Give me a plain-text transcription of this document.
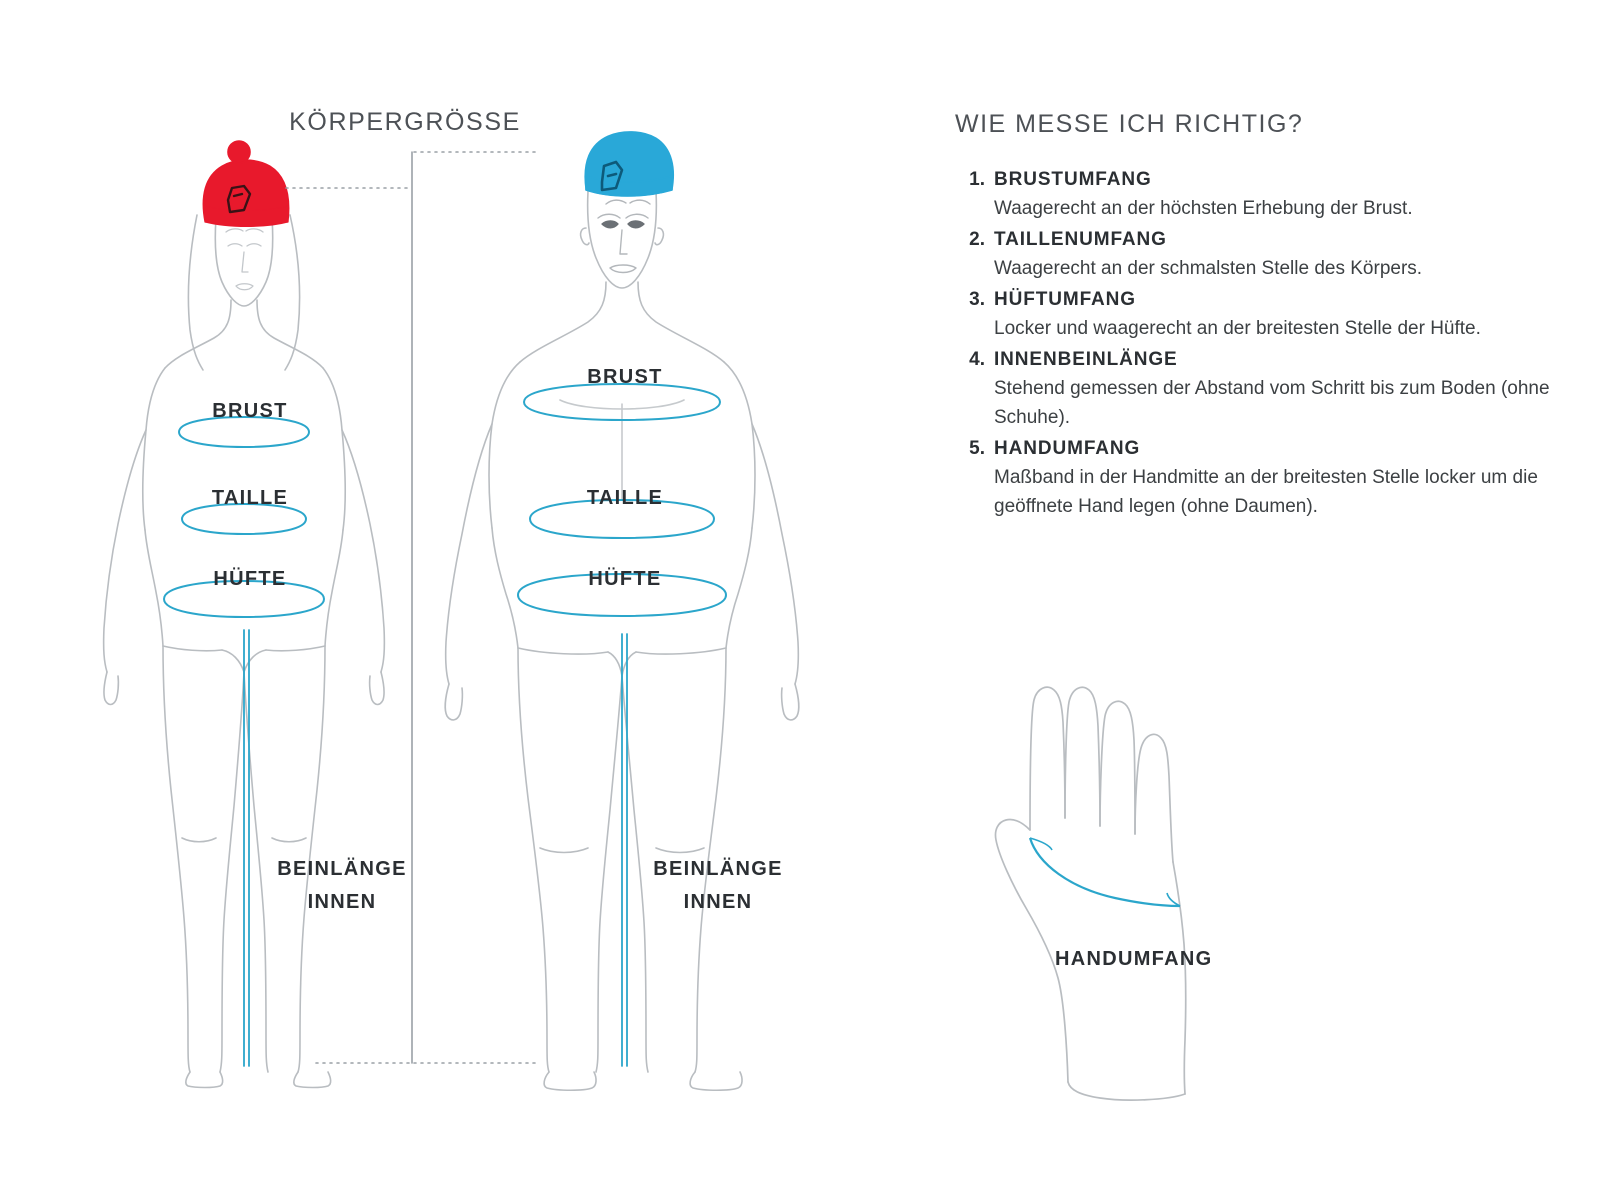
KÖRPERGRÖSSE
BRUST
TAILLE
HÜFTE
BEINLÄNGE
INNEN
BRUST
TAILLE
HÜFTE
BEINLÄNGE
INNEN
WIE MESSE ICH RICHTIG?
1. BRUSTUMFANG
Waagerecht an der höchsten Erhebung der Brust.
2. TAILLENUMFANG
Waagerecht an der schmalsten Stelle des Körpers.
3. HÜFTUMFANG
Locker und waagerecht an der breitesten Stelle der Hüfte.
4. INNENBEINLÄNGE
Stehend gemessen der Abstand vom Schritt bis zum Boden (ohne Schuhe).
5. HANDUMFANG
Maßband in der Handmitte an der breitesten Stelle locker um die geöffnete Hand legen (ohne Daumen).
HANDUMFANG
